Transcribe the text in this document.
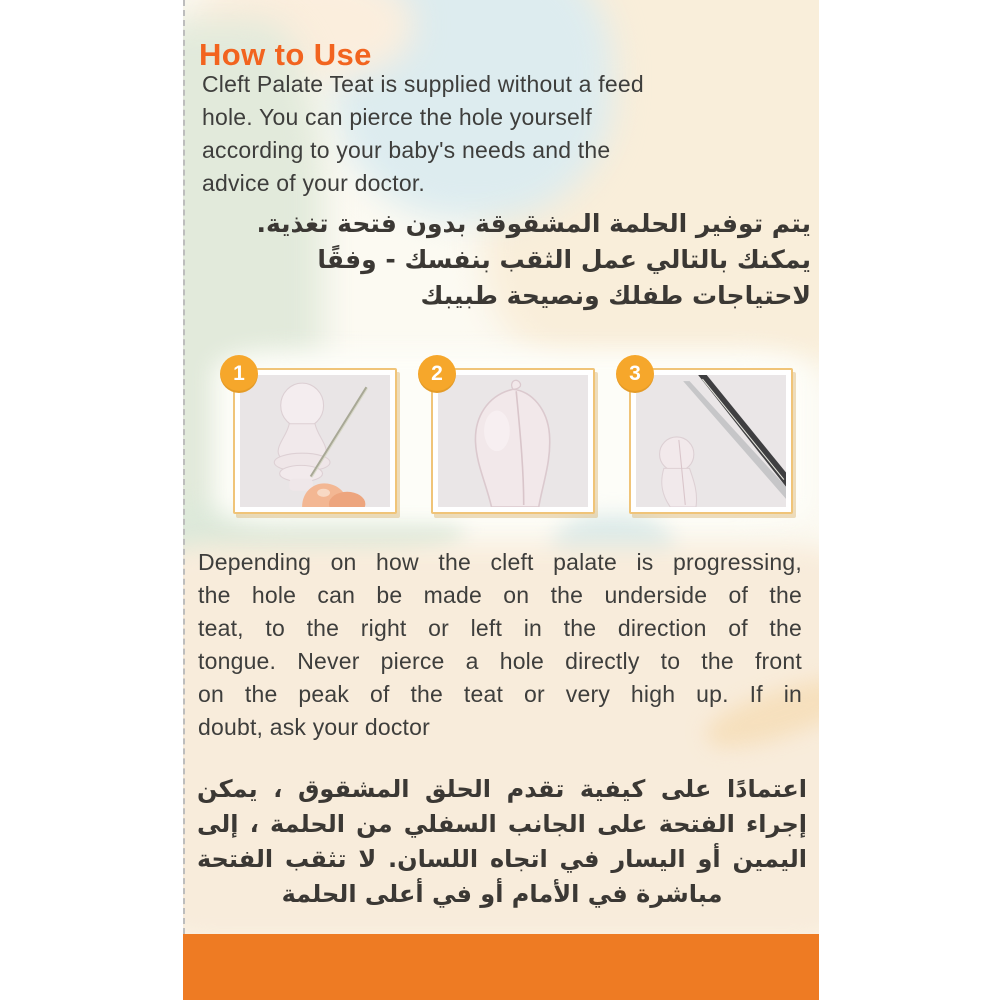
How to Use
Cleft Palate Teat is supplied without a feed
hole. You can pierce the hole yourself
according to your baby's needs and the
advice of your doctor.
يتم توفير الحلمة المشقوقة بدون فتحة تغذية.
يمكنك بالتالي عمل الثقب بنفسك - وفقًا
لاحتياجات طفلك ونصيحة طبيبك
1	2	3
Depending on how the cleft palate is progressing,
the hole can be made on the underside of the
teat, to the right or left in the direction of the
tongue. Never pierce a hole directly to the front
on the peak of the teat or very high up. If in
doubt, ask your doctor
اعتمادًا على كيفية تقدم الحلق المشقوق ، يمكن
إجراء الفتحة على الجانب السفلي من الحلمة ، إلى
اليمين أو اليسار في اتجاه اللسان. لا تثقب الفتحة
مباشرة في الأمام أو في أعلى الحلمة
